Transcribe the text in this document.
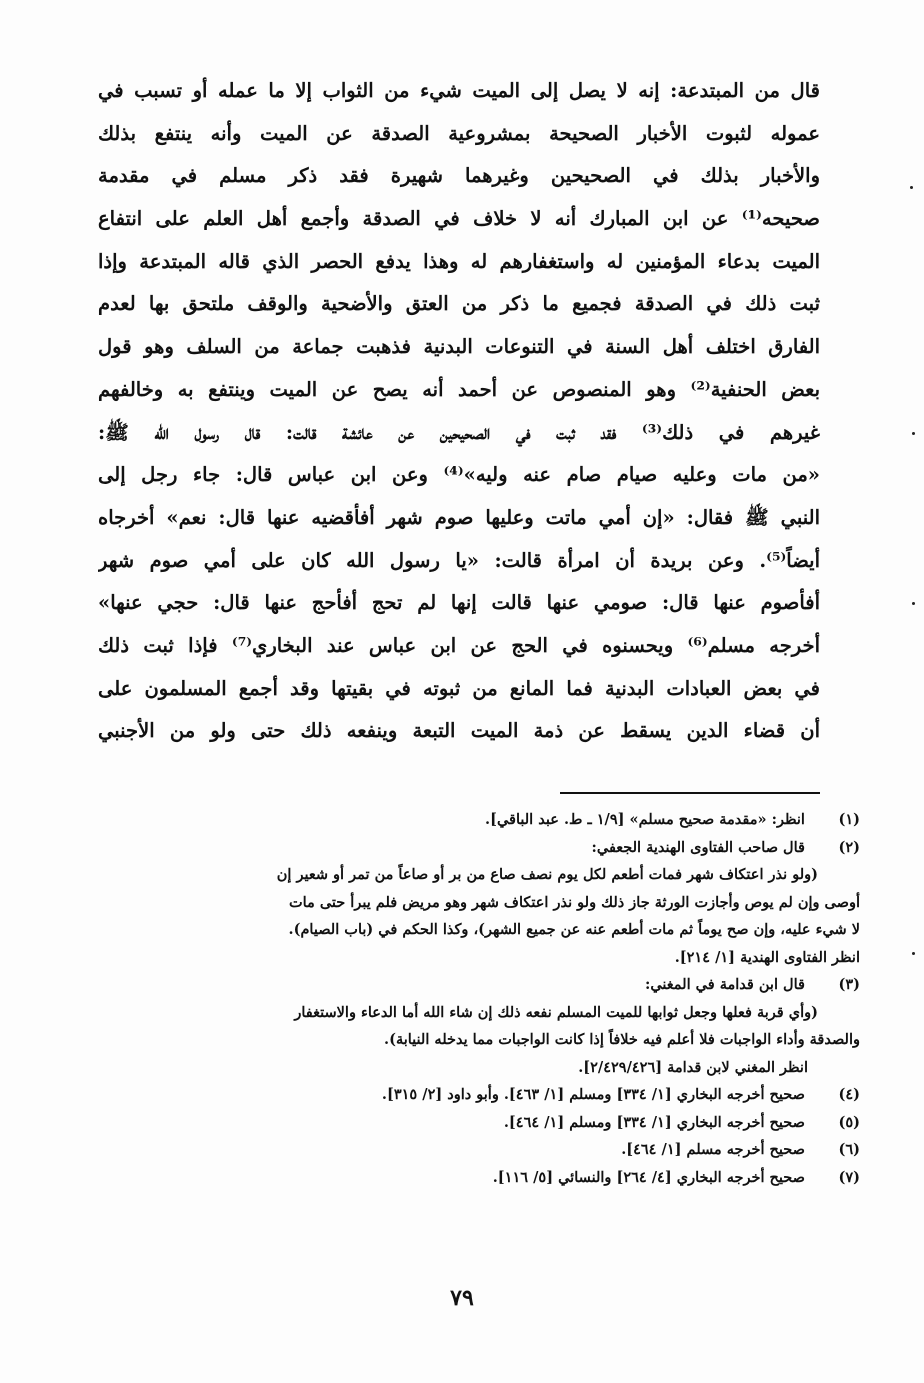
قال من المبتدعة: إنه لا يصل إلى الميت شيء من الثواب إلا ما عمله أو تسبب في
عموله لثبوت الأخبار الصحيحة بمشروعية الصدقة عن الميت وأنه ينتفع بذلك
والأخبار بذلك في الصحيحين وغيرهما شهيرة فقد ذكر مسلم في مقدمة
صحيحه⁽¹⁾ عن ابن المبارك أنه لا خلاف في الصدقة وأجمع أهل العلم على انتفاع
الميت بدعاء المؤمنين له واستغفارهم له وهذا يدفع الحصر الذي قاله المبتدعة وإذا
ثبت ذلك في الصدقة فجميع ما ذكر من العتق والأضحية والوقف ملتحق بها لعدم
الفارق اختلف أهل السنة في التنوعات البدنية فذهبت جماعة من السلف وهو قول
بعض الحنفية⁽²⁾ وهو المنصوص عن أحمد أنه يصح عن الميت وينتفع به وخالفهم
غيرهم في ذلك⁽³⁾ فقد ثبت في الصحيحين عن عائشة قالت: قال رسول الله ﷺ:
«من مات وعليه صيام صام عنه وليه»⁽⁴⁾ وعن ابن عباس قال: جاء رجل إلى
النبي ﷺ فقال: «إن أمي ماتت وعليها صوم شهر أفأقضيه عنها قال: نعم» أخرجاه
أيضاً⁽⁵⁾. وعن بريدة أن امرأة قالت: «يا رسول الله كان على أمي صوم شهر
أفأصوم عنها قال: صومي عنها قالت إنها لم تحج أفأحج عنها قال: حجي عنها»
أخرجه مسلم⁽⁶⁾ ويحسنوه في الحج عن ابن عباس عند البخاري⁽⁷⁾ فإذا ثبت ذلك
في بعض العبادات البدنية فما المانع من ثبوته في بقيتها وقد أجمع المسلمون على
أن قضاء الدين يسقط عن ذمة الميت التبعة وينفعه ذلك حتى ولو من الأجنبي
(١) انظر: «مقدمة صحيح مسلم» [١/٩ ـ ط. عبد الباقي].
(٢) قال صاحب الفتاوى الهندية الجعفي:
(ولو نذر اعتكاف شهر فمات أطعم لكل يوم نصف صاع من بر أو صاعاً من تمر أو شعير إن
أوصى وإن لم يوص وأجازت الورثة جاز ذلك ولو نذر اعتكاف شهر وهو مريض فلم يبرأ حتى مات
لا شيء عليه، وإن صح يوماً ثم مات أطعم عنه عن جميع الشهر)، وكذا الحكم في (باب الصيام).
انظر الفتاوى الهندية [١/ ٢١٤].
(٣) قال ابن قدامة في المغني:
(وأي قربة فعلها وجعل ثوابها للميت المسلم نفعه ذلك إن شاء الله أما الدعاء والاستغفار
والصدقة وأداء الواجبات فلا أعلم فيه خلافاً إذا كانت الواجبات مما يدخله النيابة).
انظر المغني لابن قدامة [٢/٤٢٩/٤٢٦].
(٤) صحيح أخرجه البخاري [١/ ٣٣٤] ومسلم [١/ ٤٦٣]. وأبو داود [٢/ ٣١٥].
(٥) صحيح أخرجه البخاري [١/ ٣٣٤] ومسلم [١/ ٤٦٤].
(٦) صحيح أخرجه مسلم [١/ ٤٦٤].
(٧) صحيح أخرجه البخاري [٤/ ٢٦٤] والنسائي [٥/ ١١٦].
٧٩
